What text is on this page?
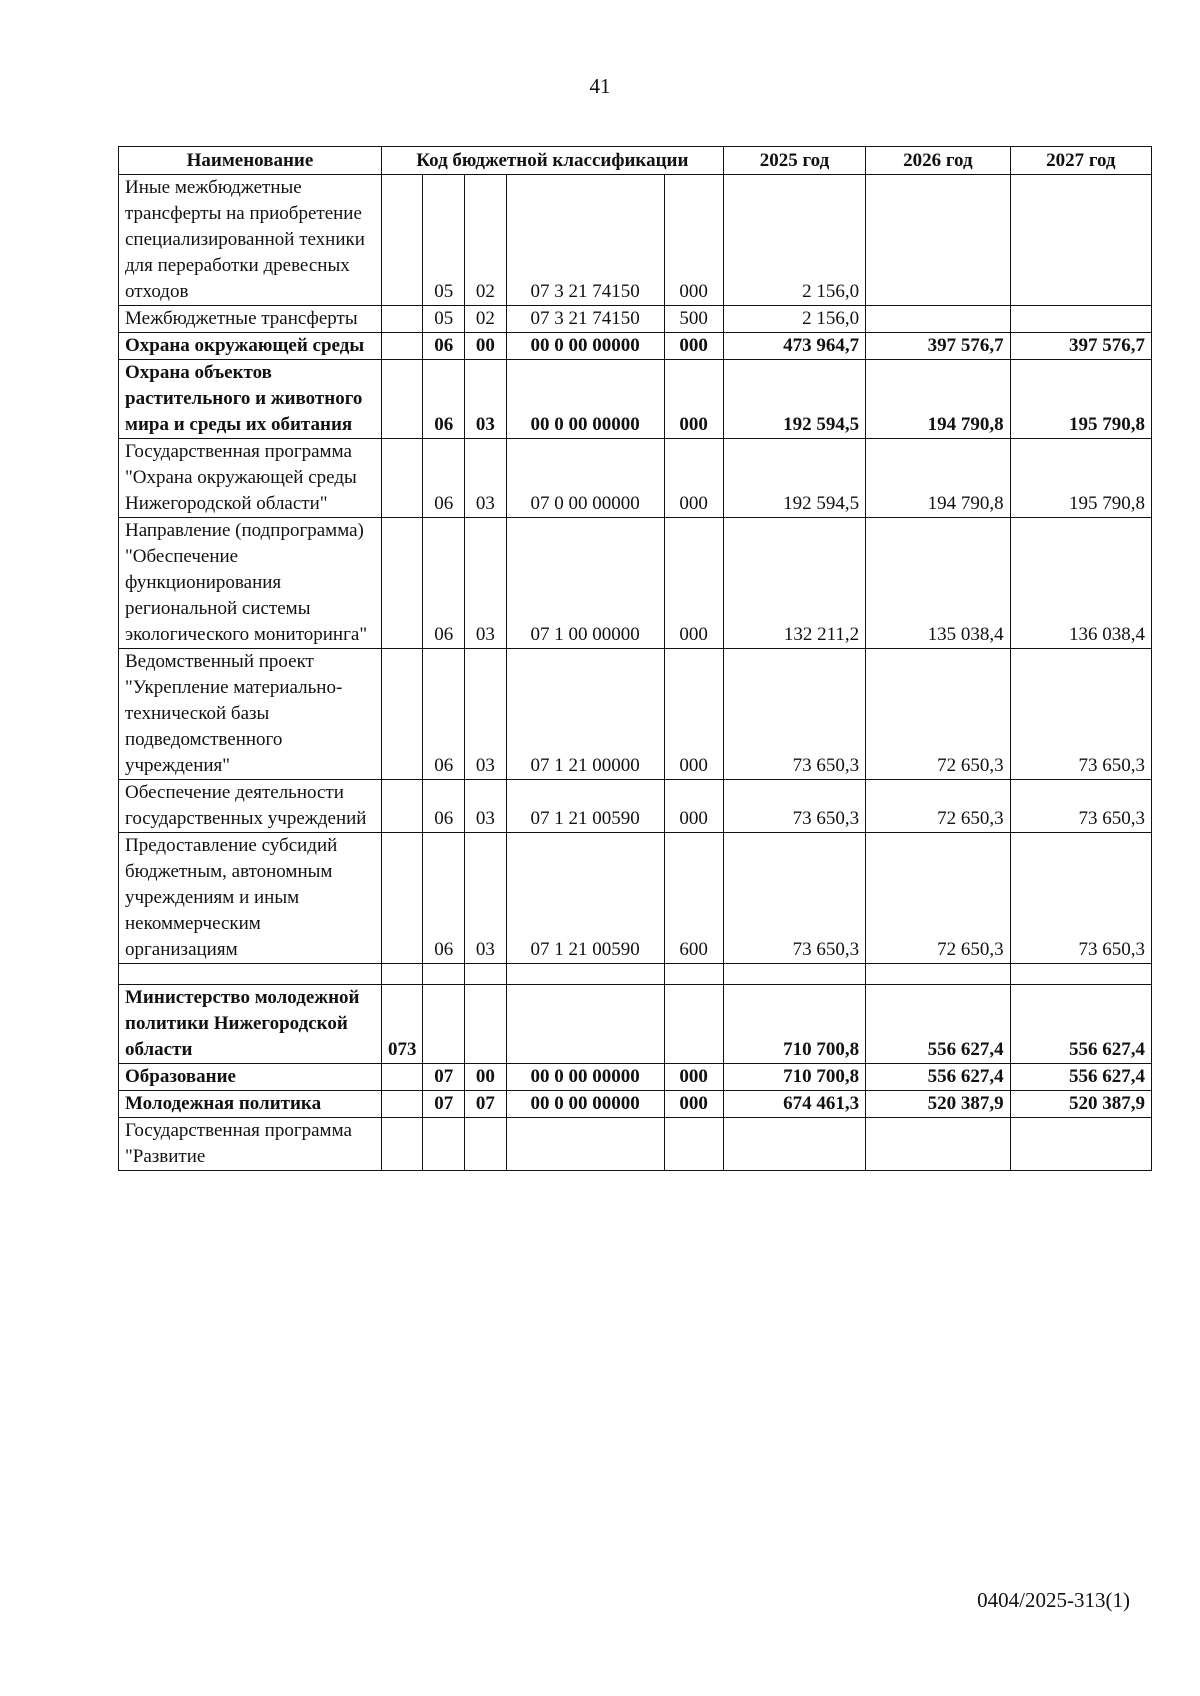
41
Наименование	Код бюджетной классификации					2025 год	2026 год	2027 год
Иные межбюджетные трансферты на приобретение специализированной техники для переработки древесных отходов		05	02	07 3 21 74150	000	2 156,0		
Межбюджетные трансферты		05	02	07 3 21 74150	500	2 156,0		
Охрана окружающей среды		06	00	00 0 00 00000	000	473 964,7	397 576,7	397 576,7
Охрана объектов растительного и животного мира и среды их обитания		06	03	00 0 00 00000	000	192 594,5	194 790,8	195 790,8
Государственная программа "Охрана окружающей среды Нижегородской области"		06	03	07 0 00 00000	000	192 594,5	194 790,8	195 790,8
Направление (подпрограмма) "Обеспечение функционирования региональной системы экологического мониторинга"		06	03	07 1 00 00000	000	132 211,2	135 038,4	136 038,4
Ведомственный проект "Укрепление материально-технической базы подведомственного учреждения"		06	03	07 1 21 00000	000	73 650,3	72 650,3	73 650,3
Обеспечение деятельности государственных учреждений		06	03	07 1 21 00590	000	73 650,3	72 650,3	73 650,3
Предоставление субсидий бюджетным, автономным учреждениям и иным некоммерческим организациям		06	03	07 1 21 00590	600	73 650,3	72 650,3	73 650,3

Министерство молодежной политики Нижегородской области	073					710 700,8	556 627,4	556 627,4
Образование		07	00	00 0 00 00000	000	710 700,8	556 627,4	556 627,4
Молодежная политика		07	07	00 0 00 00000	000	674 461,3	520 387,9	520 387,9
Государственная программа "Развитие								
0404/2025-313(1)
